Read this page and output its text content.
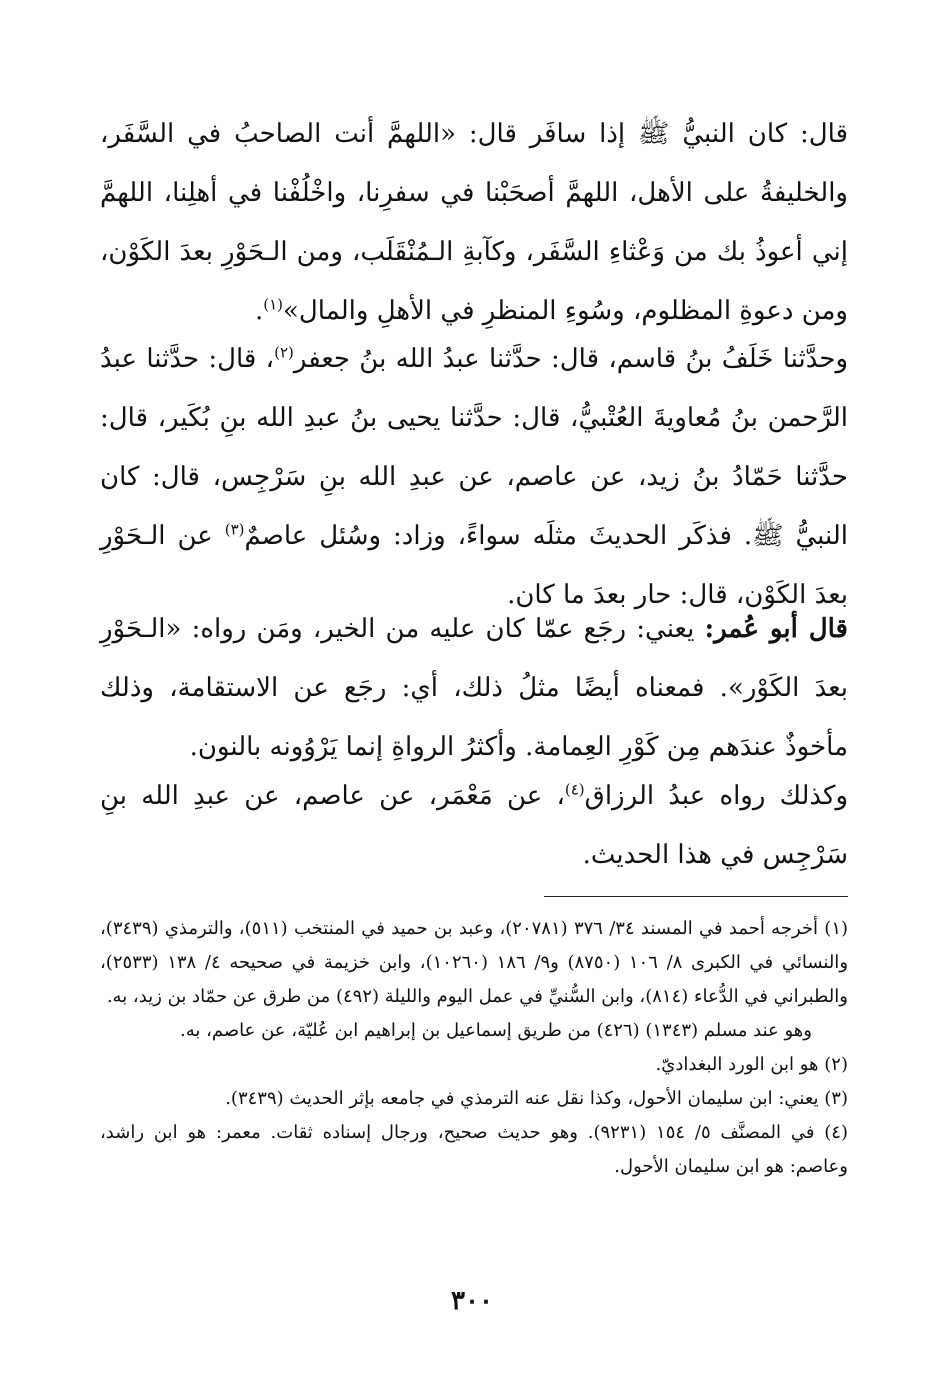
قال: كان النبيُّ ﷺ إذا سافَر قال: «اللهمَّ أنت الصاحبُ في السَّفَر، والخليفةُ على الأهل، اللهمَّ أصحَبْنا في سفرِنا، واخْلُفْنا في أهلِنا، اللهمَّ إني أعوذُ بك من وَعْثاءِ السَّفَر، وكآبةِ الـمُنْقَلَب، ومن الـحَوْرِ بعدَ الكَوْن، ومن دعوةِ المظلوم، وسُوءِ المنظرِ في الأهلِ والمال»$^{(١)}$.

وحدَّثنا خَلَفُ بنُ قاسم، قال: حدَّثنا عبدُ الله بنُ جعفر$^{(٢)}$، قال: حدَّثنا عبدُ الرَّحمن بنُ مُعاويةَ العُتْبيُّ، قال: حدَّثنا يحيى بنُ عبدِ الله بنِ بُكَير، قال: حدَّثنا حَمّادُ بنُ زيد، عن عاصم، عن عبدِ الله بنِ سَرْجِس، قال: كان النبيُّ ﷺ. فذكَر الحديثَ مثلَه سواءً، وزاد: وسُئل عاصمٌ$^{(٣)}$ عن الـحَوْرِ بعدَ الكَوْن، قال: حار بعدَ ما كان.

قال أبو عُمر: يعني: رجَع عمّا كان عليه من الخير، ومَن رواه: «الـحَوْرِ بعدَ الكَوْر». فمعناه أيضًا مثلُ ذلك، أي: رجَع عن الاستقامة، وذلك مأخوذٌ عندَهم مِن كَوْرِ العِمامة. وأكثرُ الرواةِ إنما يَرْوُونه بالنون.

وكذلك رواه عبدُ الرزاق$^{(٤)}$، عن مَعْمَر، عن عاصم، عن عبدِ الله بنِ سَرْجِس في هذا الحديث.

(١) أخرجه أحمد في المسند ٣٤/ ٣٧٦ (٢٠٧٨١)، وعبد بن حميد في المنتخب (٥١١)، والترمذي (٣٤٣٩)، والنسائي في الكبرى ٨/ ١٠٦ (٨٧٥٠) و٩/ ١٨٦ (١٠٢٦٠)، وابن خزيمة في صحيحه ٤/ ١٣٨ (٢٥٣٣)، والطبراني في الدُّعاء (٨١٤)، وابن السُّنيِّ في عمل اليوم والليلة (٤٩٢) من طرق عن حمّاد بن زيد، به.

وهو عند مسلم (١٣٤٣) (٤٢٦) من طريق إسماعيل بن إبراهيم ابن عُليّة، عن عاصم، به.

(٢) هو ابن الورد البغداديّ.

(٣) يعني: ابن سليمان الأحول، وكذا نقل عنه الترمذي في جامعه بإثر الحديث (٣٤٣٩).

(٤) في المصنَّف ٥/ ١٥٤ (٩٢٣١). وهو حديث صحيح، ورجال إسناده ثقات. معمر: هو ابن راشد، وعاصم: هو ابن سليمان الأحول.

٣٠٠
